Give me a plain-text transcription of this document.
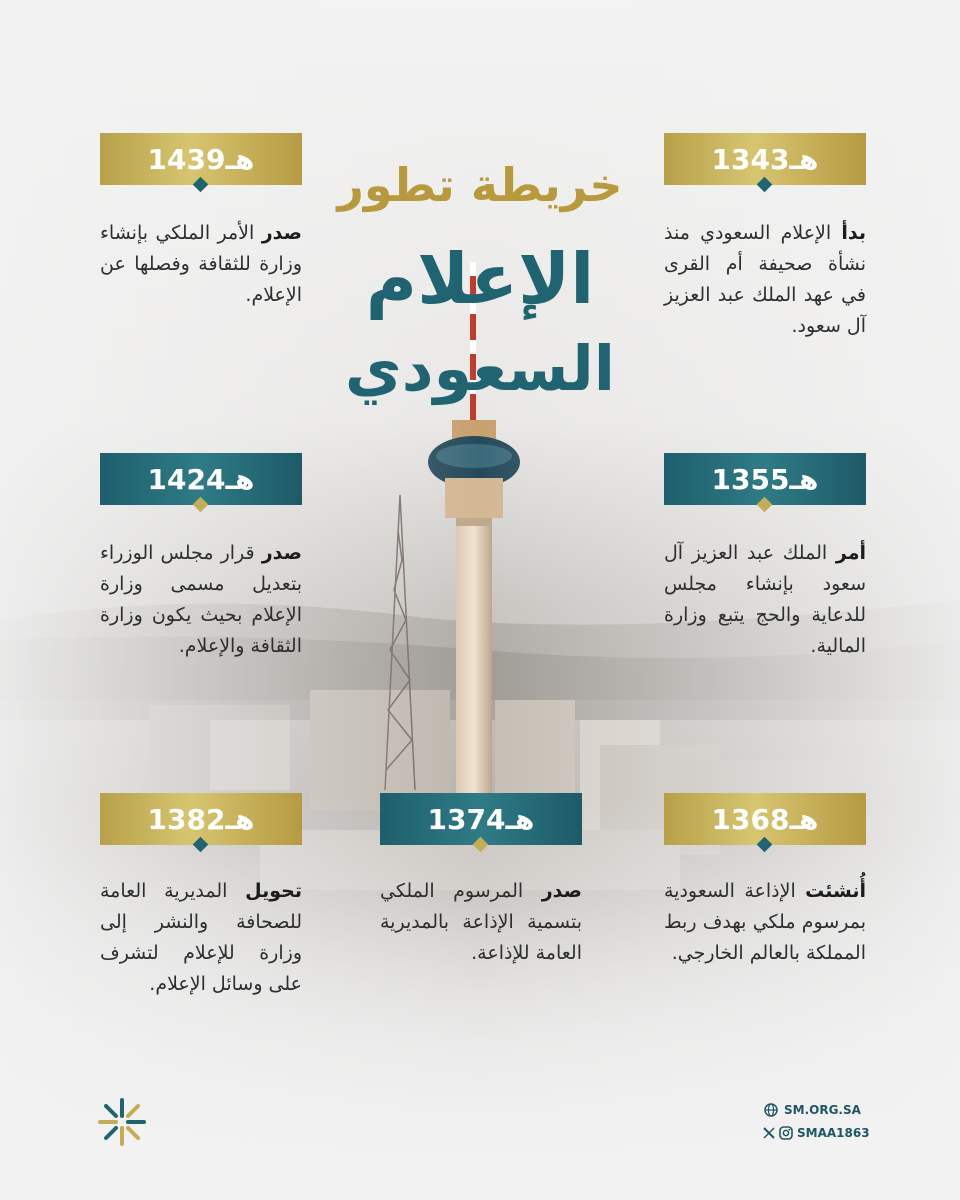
خريطة تطور
الإعلام
السعودي
1343هـ
بدأ الإعلام السعودي منذ نشأة صحيفة أم القرى في عهد الملك عبد العزيز آل سعود.
1439هـ
صدر الأمر الملكي بإنشاء وزارة للثقافة وفصلها عن الإعلام.
1355هـ
أمر الملك عبد العزيز آل سعود بإنشاء مجلس للدعاية والحج يتبع وزارة المالية.
1424هـ
صدر قرار مجلس الوزراء بتعديل مسمى وزارة الإعلام بحيث يكون وزارة الثقافة والإعلام.
1368هـ
أُنشئت الإذاعة السعودية بمرسوم ملكي بهدف ربط المملكة بالعالم الخارجي.
1374هـ
صدر المرسوم الملكي بتسمية الإذاعة بالمديرية العامة للإذاعة.
1382هـ
تحويل المديرية العامة للصحافة والنشر إلى وزارة للإعلام لتشرف على وسائل الإعلام.
SM.ORG.SA
SMAA1863
